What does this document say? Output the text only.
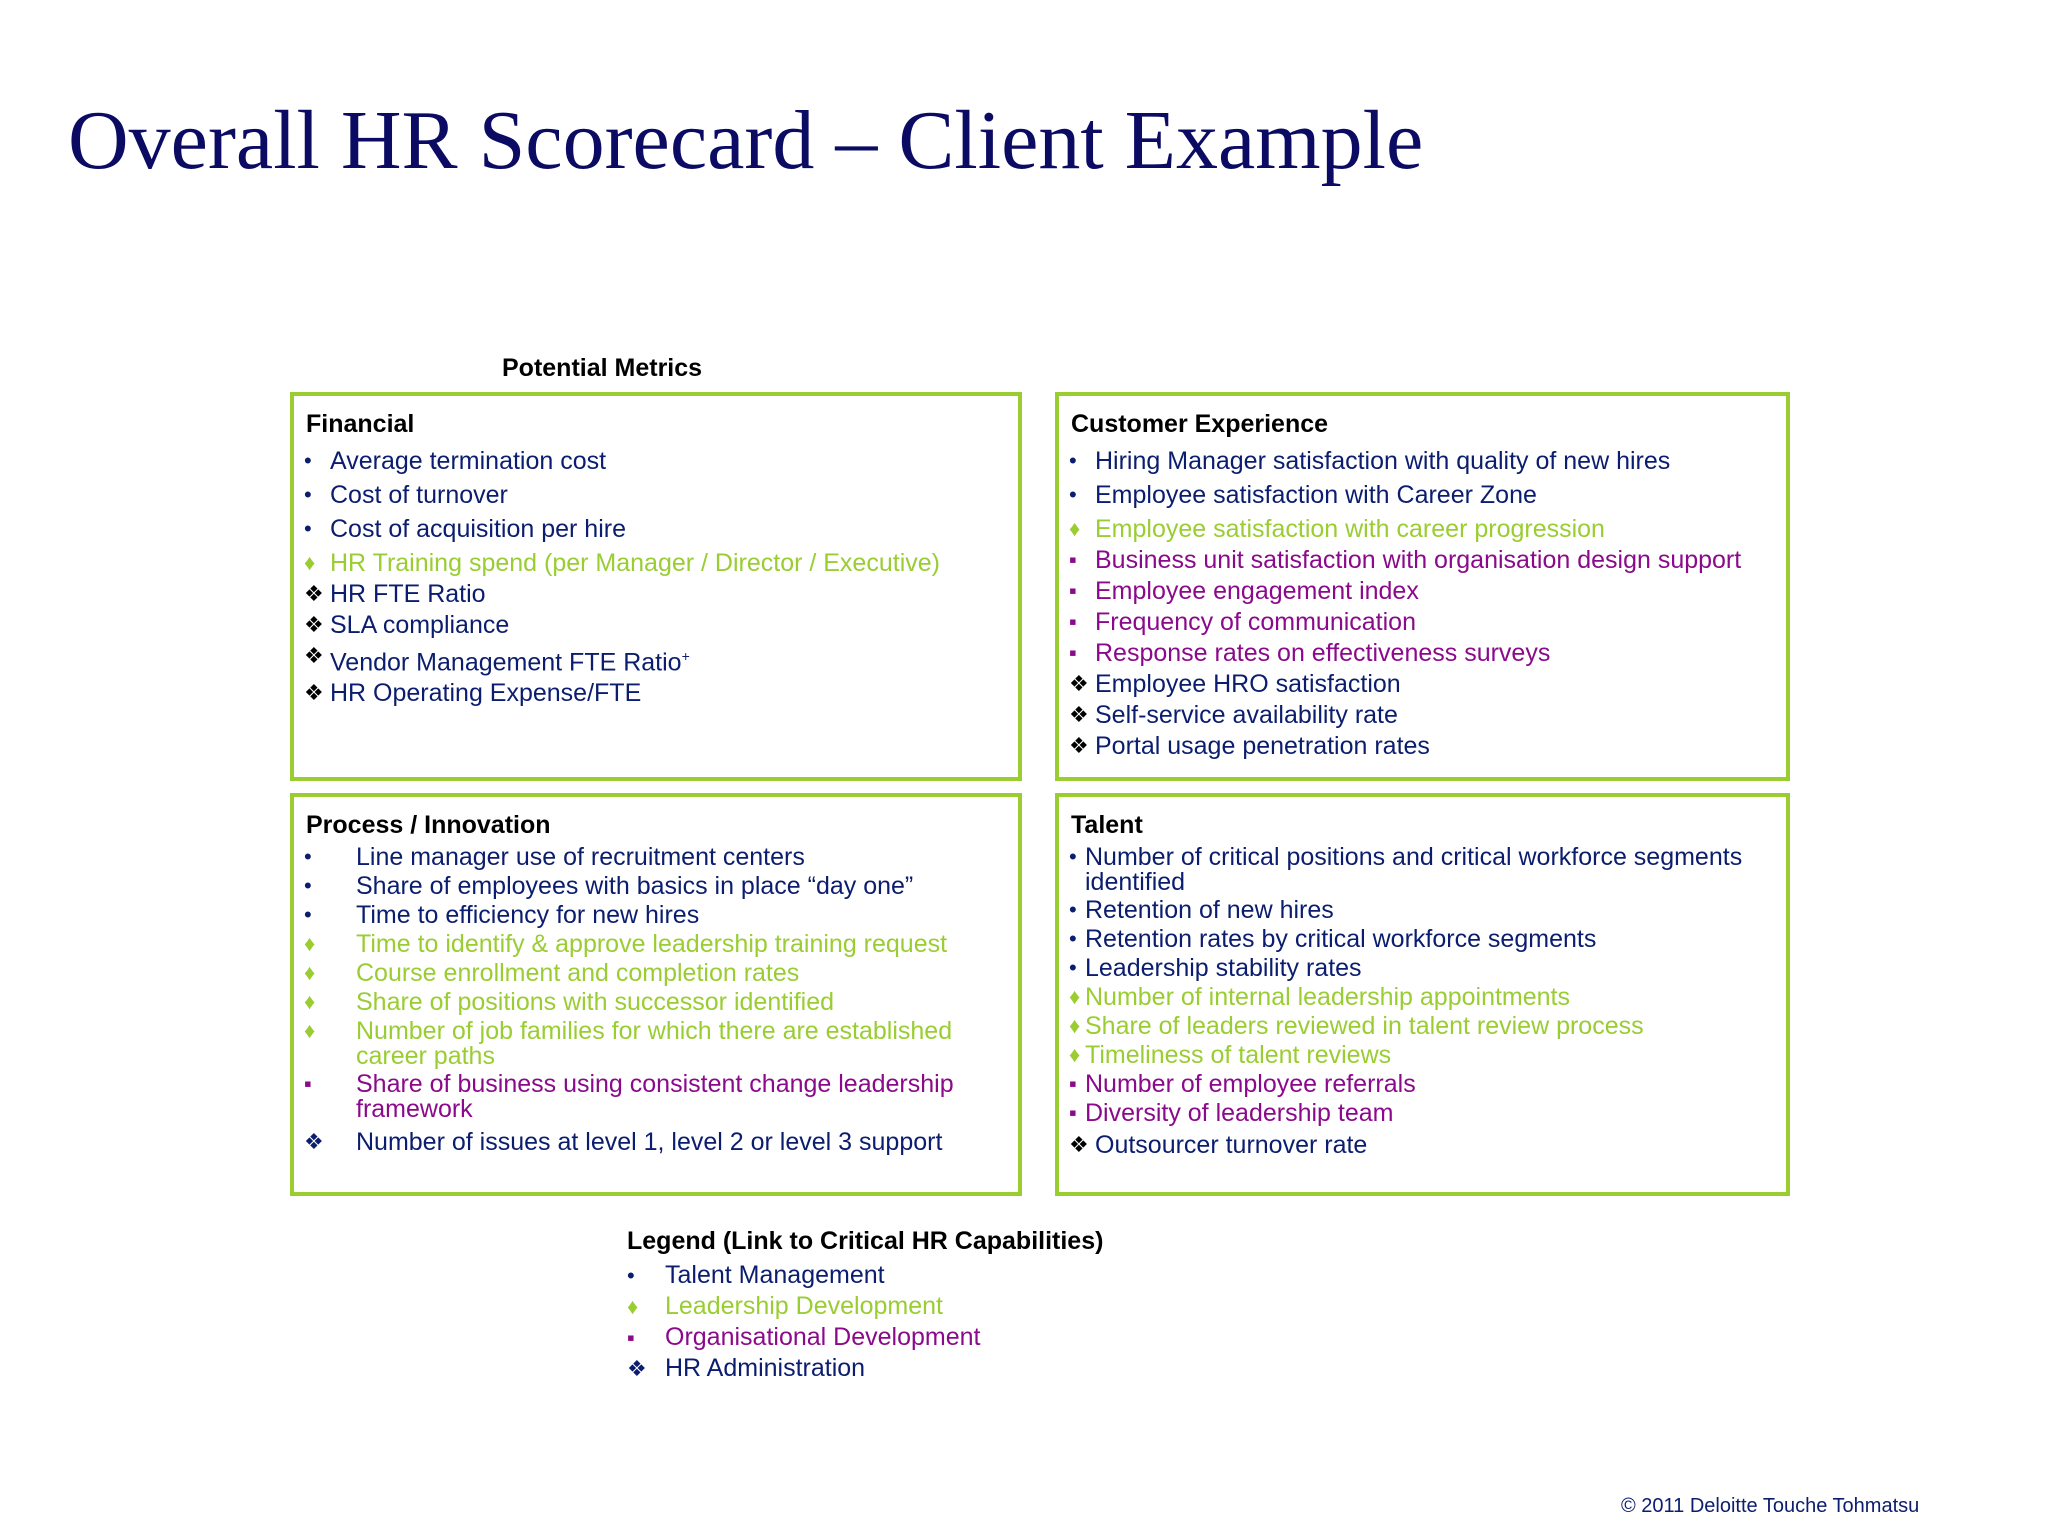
Overall HR Scorecard – Client Example
Potential Metrics
Financial
• Average termination cost
• Cost of turnover
• Cost of acquisition per hire
♦ HR Training spend (per Manager / Director / Executive)
❖ HR FTE Ratio
❖ SLA compliance
❖ Vendor Management FTE Ratio+
❖ HR Operating Expense/FTE
Customer Experience
• Hiring Manager satisfaction with quality of new hires
• Employee satisfaction with Career Zone
♦ Employee satisfaction with career progression
▪ Business unit satisfaction with organisation design support
▪ Employee engagement index
▪ Frequency of communication
▪ Response rates on effectiveness surveys
❖ Employee HRO satisfaction
❖ Self-service availability rate
❖ Portal usage penetration rates
Process / Innovation
•	Line manager use of recruitment centers
•	Share of employees with basics in place “day one”
•	Time to efficiency for new hires
♦	Time to identify & approve leadership training request
♦	Course enrollment and completion rates
♦	Share of positions with successor identified
♦	Number of job families for which there are established career paths
▪	Share of business using consistent change leadership framework
❖	Number of issues at level 1, level 2 or level 3 support
Talent
• Number of critical positions and critical workforce segments identified
• Retention of new hires
• Retention rates by critical workforce segments
• Leadership stability rates
♦ Number of internal leadership appointments
♦ Share of leaders reviewed in talent review process
♦ Timeliness of talent reviews
▪ Number of employee referrals
▪ Diversity of leadership team
❖ Outsourcer turnover rate
Legend (Link to Critical HR Capabilities)
•	Talent Management
♦	Leadership Development
▪	Organisational Development
❖ HR Administration
© 2011 Deloitte Touche Tohmatsu
